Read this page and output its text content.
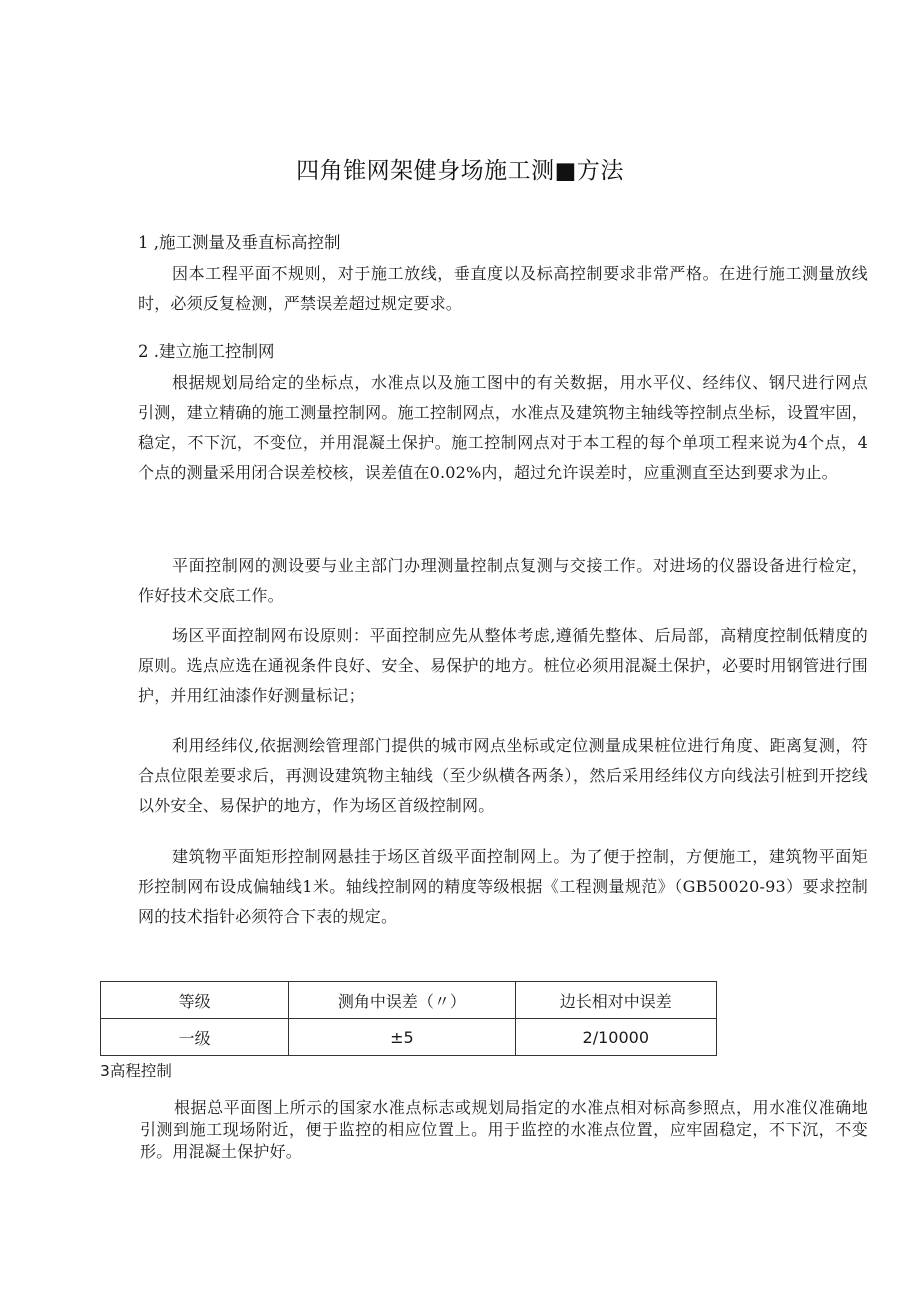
四角锥网架健身场施工测■方法
1 ,施工测量及垂直标高控制
因本工程平面不规则，对于施工放线，垂直度以及标高控制要求非常严格。在进行施工测量放线时，必须反复检测，严禁误差超过规定要求。
2 .建立施工控制网
根据规划局给定的坐标点，水准点以及施工图中的有关数据，用水平仪、经纬仪、钢尺进行网点引测，建立精确的施工测量控制网。施工控制网点，水准点及建筑物主轴线等控制点坐标，设置牢固，稳定，不下沉，不变位，并用混凝土保护。施工控制网点对于本工程的每个单项工程来说为4个点，4个点的测量采用闭合误差校核，误差值在0.02%内，超过允许误差时，应重测直至达到要求为止。
平面控制网的测设要与业主部门办理测量控制点复测与交接工作。对进场的仪器设备进行检定，作好技术交底工作。
场区平面控制网布设原则：平面控制应先从整体考虑,遵循先整体、后局部，高精度控制低精度的原则。选点应选在通视条件良好、安全、易保护的地方。桩位必须用混凝土保护，必要时用钢管进行围护，并用红油漆作好测量标记；
利用经纬仪,依据测绘管理部门提供的城市网点坐标或定位测量成果桩位进行角度、距离复测，符合点位限差要求后，再测设建筑物主轴线（至少纵横各两条），然后采用经纬仪方向线法引桩到开挖线以外安全、易保护的地方，作为场区首级控制网。
建筑物平面矩形控制网悬挂于场区首级平面控制网上。为了便于控制，方便施工，建筑物平面矩形控制网布设成偏轴线1米。轴线控制网的精度等级根据《工程测量规范》（GB50020-93）要求控制网的技术指针必须符合下表的规定。
等级	测角中误差（〃）	边长相对中误差
一级	±5	2/10000
3高程控制
根据总平面图上所示的国家水准点标志或规划局指定的水准点相对标高参照点，用水准仪准确地引测到施工现场附近，便于监控的相应位置上。用于监控的水准点位置，应牢固稳定，不下沉，不变形。用混凝土保护好。
